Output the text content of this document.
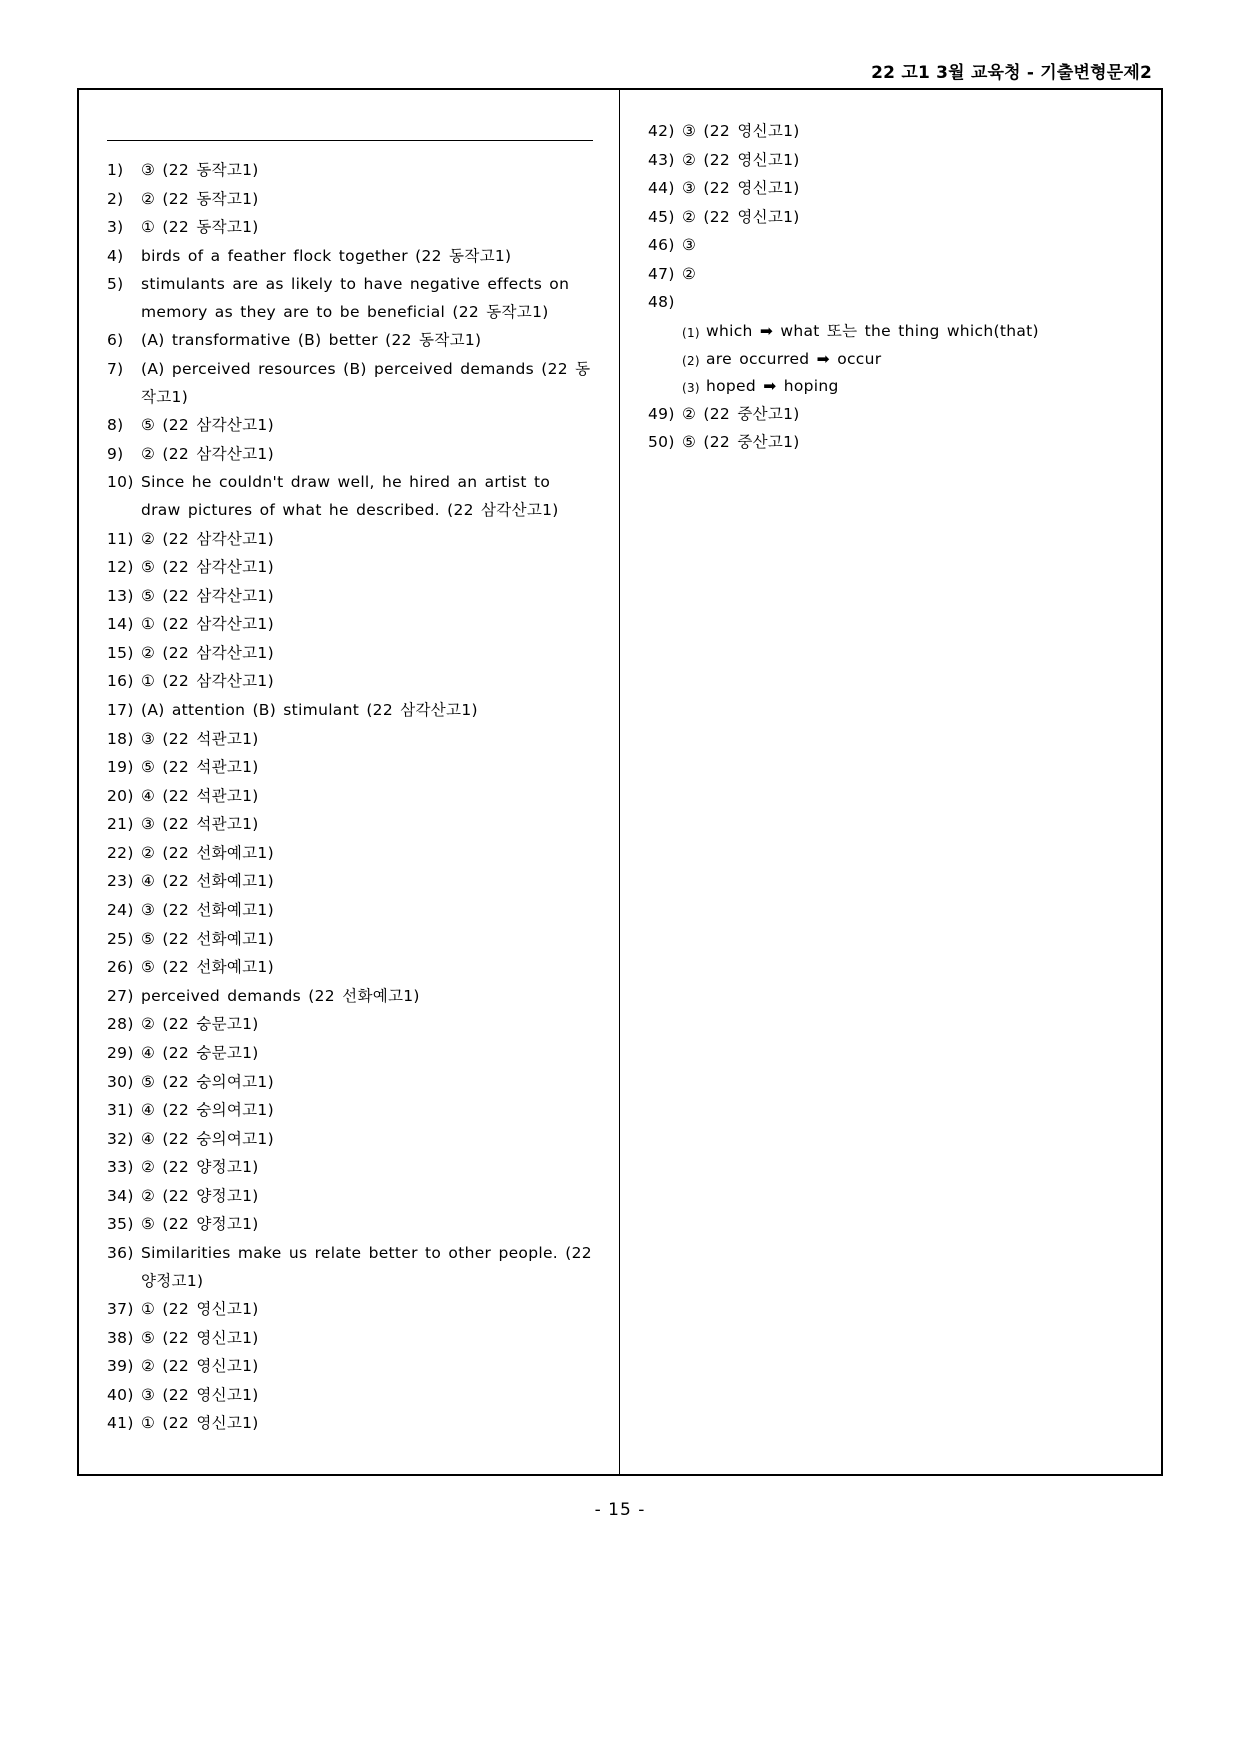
22 고1 3월 교육청 - 기출변형문제2
1)	③ (22 동작고1)
2)	② (22 동작고1)
3)	① (22 동작고1)
4)	birds of a feather flock together (22 동작고1)
5)	stimulants are as likely to have negative effects on memory as they are to be beneficial (22 동작고1)
6)	(A) transformative (B) better (22 동작고1)
7)	(A) perceived resources (B) perceived demands (22 동작고1)
8)	⑤ (22 삼각산고1)
9)	② (22 삼각산고1)
10) Since he couldn't draw well, he hired an artist to draw pictures of what he described. (22 삼각산고1)
11) ② (22 삼각산고1)
12) ⑤ (22 삼각산고1)
13) ⑤ (22 삼각산고1)
14) ① (22 삼각산고1)
15) ② (22 삼각산고1)
16) ① (22 삼각산고1)
17) (A) attention (B) stimulant (22 삼각산고1)
18) ③ (22 석관고1)
19) ⑤ (22 석관고1)
20) ④ (22 석관고1)
21) ③ (22 석관고1)
22) ② (22 선화예고1)
23) ④ (22 선화예고1)
24) ③ (22 선화예고1)
25) ⑤ (22 선화예고1)
26) ⑤ (22 선화예고1)
27) perceived demands (22 선화예고1)
28) ② (22 숭문고1)
29) ④ (22 숭문고1)
30) ⑤ (22 숭의여고1)
31) ④ (22 숭의여고1)
32) ④ (22 숭의여고1)
33) ② (22 양정고1)
34) ② (22 양정고1)
35) ⑤ (22 양정고1)
36) Similarities make us relate better to other people. (22 양정고1)
37) ① (22 영신고1)
38) ⑤ (22 영신고1)
39) ② (22 영신고1)
40) ③ (22 영신고1)
41) ① (22 영신고1)
42) ③ (22 영신고1)
43) ② (22 영신고1)
44) ③ (22 영신고1)
45) ② (22 영신고1)
46) ③
47) ②
48)
(1) which ➡ what 또는 the thing which(that)
(2) are occurred ➡ occur
(3) hoped ➡ hoping
49) ② (22 중산고1)
50) ⑤ (22 중산고1)
- 15 -
